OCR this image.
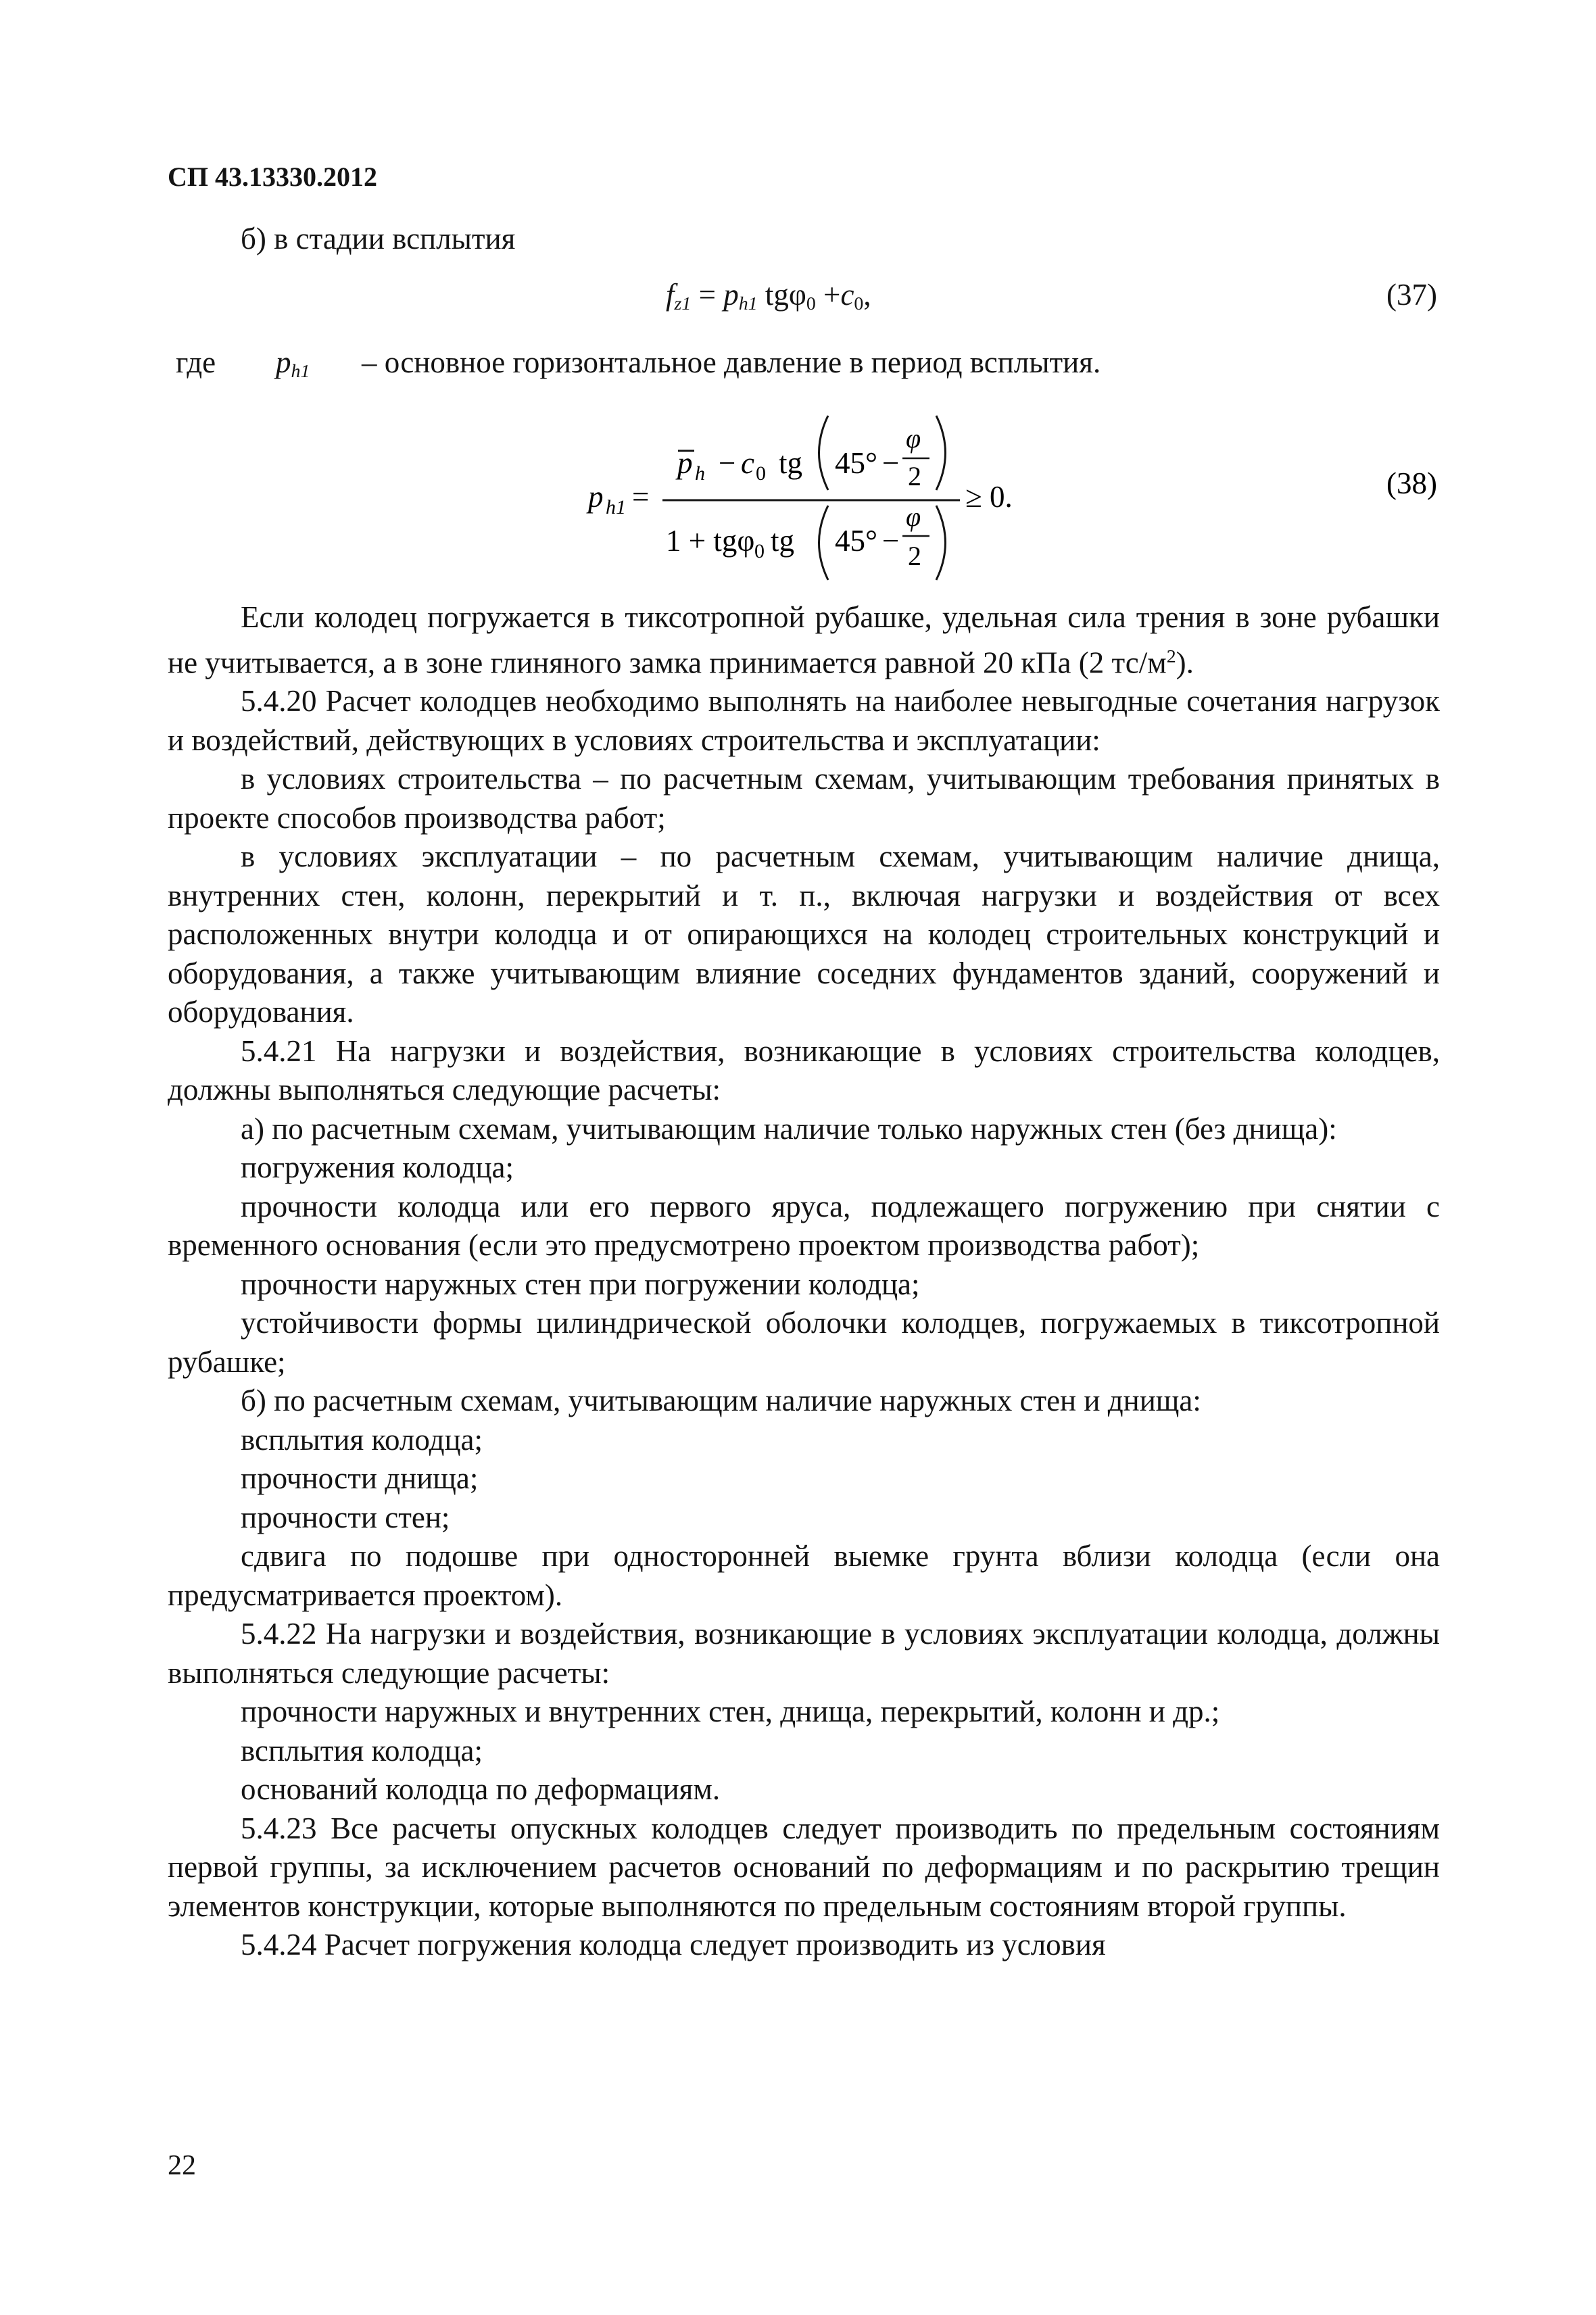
СП 43.13330.2012

б) в стадии всплытия

$f_{z1} = p_{h1}$ $tg\varphi_0 +c_0$,	(37)
где $p_{h1}$ – основное горизонтальное давление в период всплытия.
p h1 =
p h − c 0 tg 45° −
φ
2
1 + tgφ 0 tg 45° −
φ
2
≥ 0.	(38)

Если колодец погружается в тиксотропной рубашке, удельная сила трения в зоне рубашки не учитывается, а в зоне глиняного замка принимается равной 20 кПа (2 $тс/м^2$).

5.4.20 Расчет колодцев необходимо выполнять на наиболее невыгодные сочетания нагрузок и воздействий, действующих в условиях строительства и эксплуатации:

в условиях строительства – по расчетным схемам, учитывающим требования принятых в проекте способов производства работ;

в условиях эксплуатации – по расчетным схемам, учитывающим наличие днища, внутренних стен, колонн, перекрытий и т. п., включая нагрузки и воздействия от всех расположенных внутри колодца и от опирающихся на колодец строительных конструкций и оборудования, а также учитывающим влияние соседних фундаментов зданий, сооружений и оборудования.

5.4.21 На нагрузки и воздействия, возникающие в условиях строительства колодцев, должны выполняться следующие расчеты:

а) по расчетным схемам, учитывающим наличие только наружных стен (без днища):

погружения колодца;

прочности колодца или его первого яруса, подлежащего погружению при снятии с временного основания (если это предусмотрено проектом производства работ);

прочности наружных стен при погружении колодца;

устойчивости формы цилиндрической оболочки колодцев, погружаемых в тиксотропной рубашке;

б) по расчетным схемам, учитывающим наличие наружных стен и днища:

всплытия колодца;

прочности днища;

прочности стен;

сдвига по подошве при односторонней выемке грунта вблизи колодца (если она предусматривается проектом).

5.4.22 На нагрузки и воздействия, возникающие в условиях эксплуатации колодца, должны выполняться следующие расчеты:

прочности наружных и внутренних стен, днища, перекрытий, колонн и др.;

всплытия колодца;

оснований колодца по деформациям.

5.4.23 Все расчеты опускных колодцев следует производить по предельным состояниям первой группы, за исключением расчетов оснований по деформациям и по раскрытию трещин элементов конструкции, которые выполняются по предельным состояниям второй группы.

5.4.24 Расчет погружения колодца следует производить из условия

22
